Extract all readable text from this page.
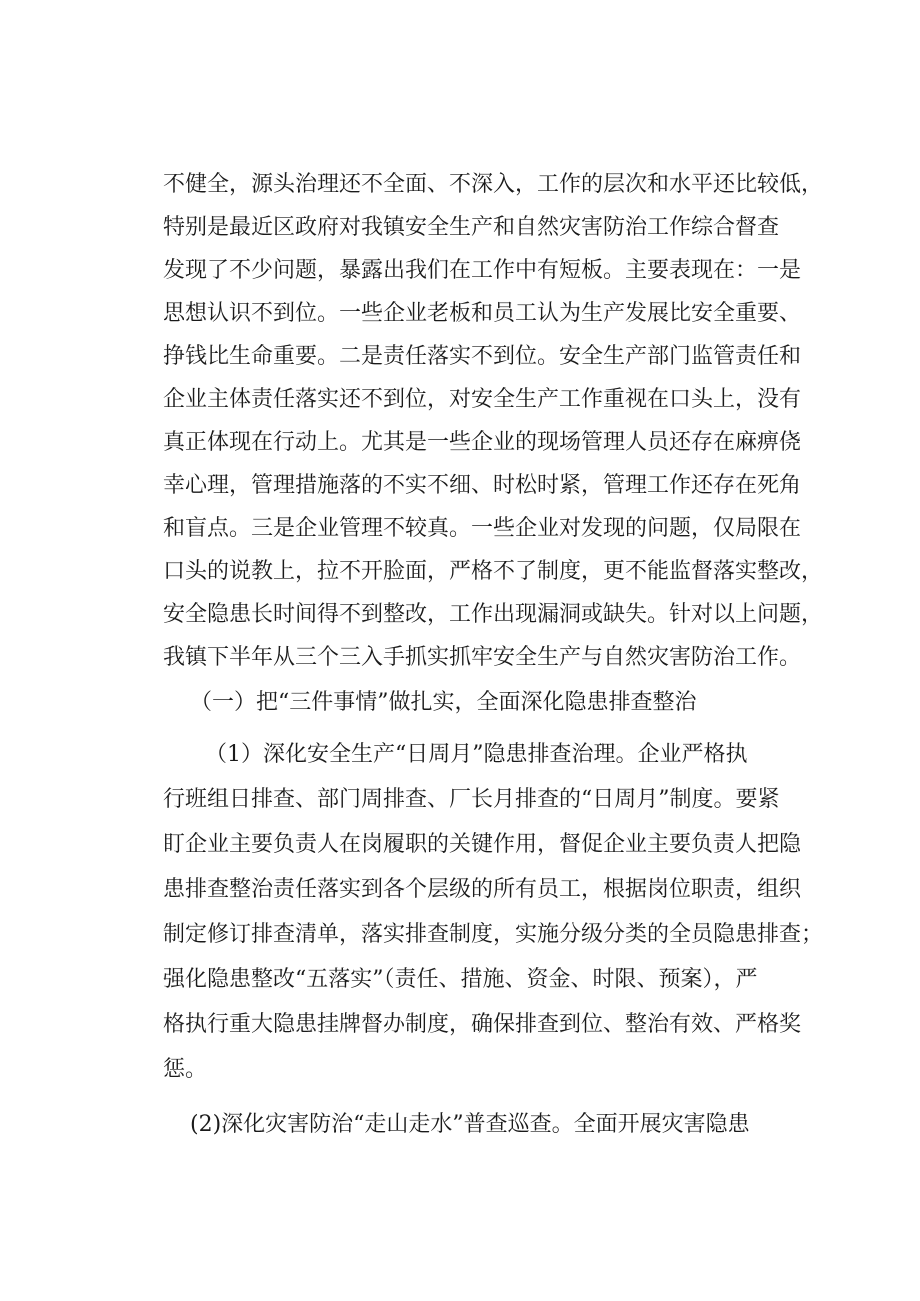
不健全，源头治理还不全面、不深入，工作的层次和水平还比较低，
特别是最近区政府对我镇安全生产和自然灾害防治工作综合督查
发现了不少问题，暴露出我们在工作中有短板。主要表现在：一是
思想认识不到位。一些企业老板和员工认为生产发展比安全重要、
挣钱比生命重要。二是责任落实不到位。安全生产部门监管责任和
企业主体责任落实还不到位，对安全生产工作重视在口头上，没有
真正体现在行动上。尤其是一些企业的现场管理人员还存在麻痹侥
幸心理，管理措施落的不实不细、时松时紧，管理工作还存在死角
和盲点。三是企业管理不较真。一些企业对发现的问题，仅局限在
口头的说教上，拉不开脸面，严格不了制度，更不能监督落实整改，
安全隐患长时间得不到整改，工作出现漏洞或缺失。针对以上问题，
我镇下半年从三个三入手抓实抓牢安全生产与自然灾害防治工作。
（一）把“三件事情”做扎实，全面深化隐患排查整治
（1）深化安全生产“日周月”隐患排查治理。企业严格执
行班组日排查、部门周排查、厂长月排查的“日周月”制度。要紧
盯企业主要负责人在岗履职的关键作用，督促企业主要负责人把隐
患排查整治责任落实到各个层级的所有员工，根据岗位职责，组织
制定修订排查清单，落实排查制度，实施分级分类的全员隐患排查；
强化隐患整改“五落实”（责任、措施、资金、时限、预案），严
格执行重大隐患挂牌督办制度，确保排查到位、整治有效、严格奖
惩。
(2)深化灾害防治“走山走水”普查巡查。全面开展灾害隐患
